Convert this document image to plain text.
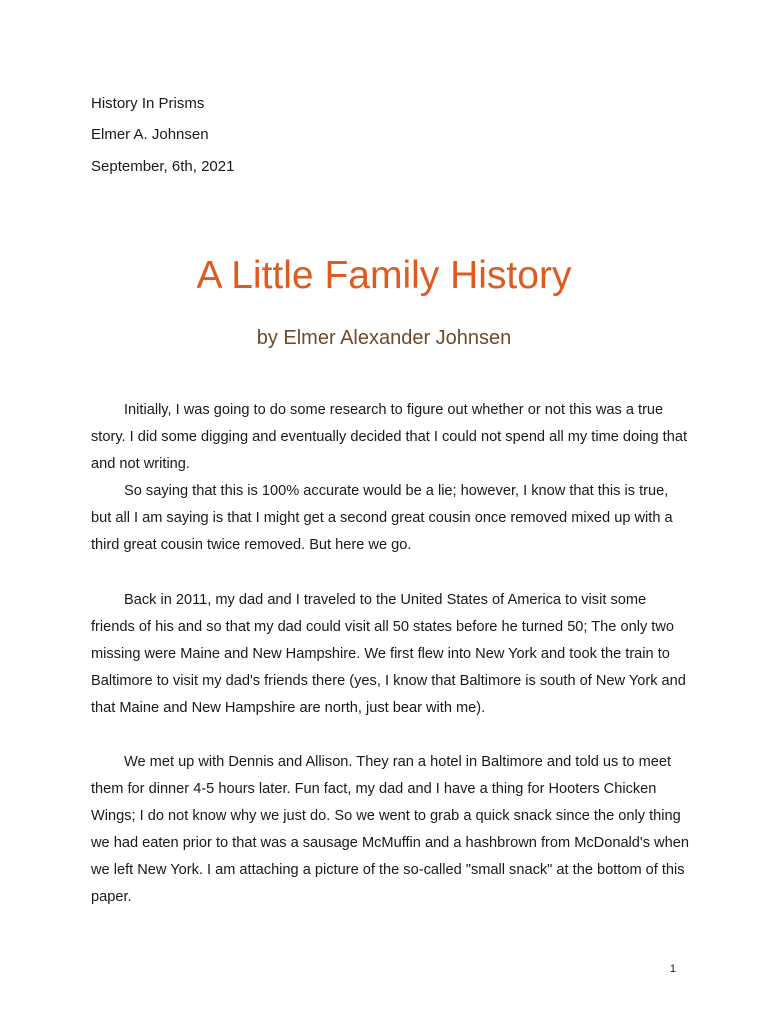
History In Prisms
Elmer A. Johnsen
September, 6th, 2021
A Little Family History
by Elmer Alexander Johnsen

Initially, I was going to do some research to figure out whether or not this was a true story. I did some digging and eventually decided that I could not spend all my time doing that and not writing.

So saying that this is 100% accurate would be a lie; however, I know that this is true, but all I am saying is that I might get a second great cousin once removed mixed up with a third great cousin twice removed. But here we go.

Back in 2011, my dad and I traveled to the United States of America to visit some friends of his and so that my dad could visit all 50 states before he turned 50; The only two missing were Maine and New Hampshire. We first flew into New York and took the train to Baltimore to visit my dad's friends there (yes, I know that Baltimore is south of New York and that Maine and New Hampshire are north, just bear with me).

We met up with Dennis and Allison. They ran a hotel in Baltimore and told us to meet them for dinner 4-5 hours later. Fun fact, my dad and I have a thing for Hooters Chicken Wings; I do not know why we just do. So we went to grab a quick snack since the only thing we had eaten prior to that was a sausage McMuffin and a hashbrown from McDonald's when we left New York. I am attaching a picture of the so-called "small snack" at the bottom of this paper.

1
